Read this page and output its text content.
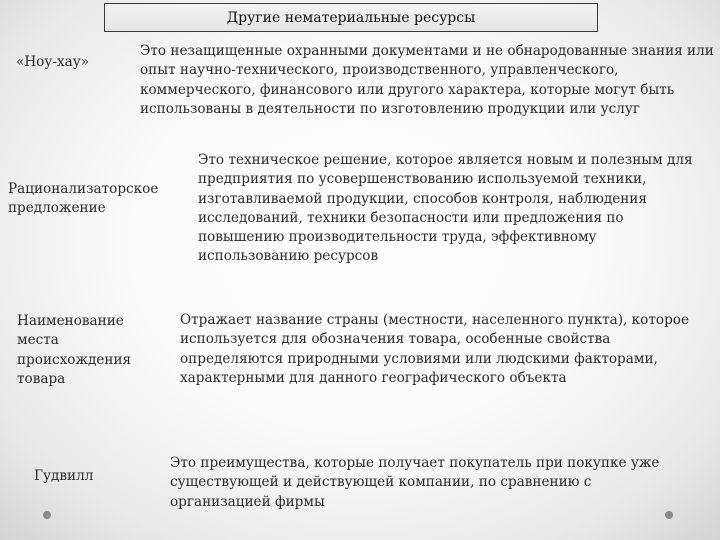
Другие нематериальные ресурсы

«Ноу-хау»

Это незащищенные охранными документами и не обнародованные знания или опыт научно-технического, производственного, управленческого, коммерческого, финансового или другого характера, которые могут быть использованы в деятельности по изготовлению продукции или услуг

Рационализаторское предложение

Это техническое решение, которое является новым и полезным для предприятия по усовершенствованию используемой техники, изготавливаемой продукции, способов контроля, наблюдения исследований, техники безопасности или предложения по повышению производительности труда, эффективному использованию ресурсов

Наименование места происхождения товара

Отражает название страны (местности, населенного пункта), которое используется для обозначения товара, особенные свойства определяются природными условиями или людскими факторами, характерными для данного географического объекта

Гудвилл

Это преимущества, которые получает покупатель при покупке уже существующей и действующей компании, по сравнению с организацией фирмы
